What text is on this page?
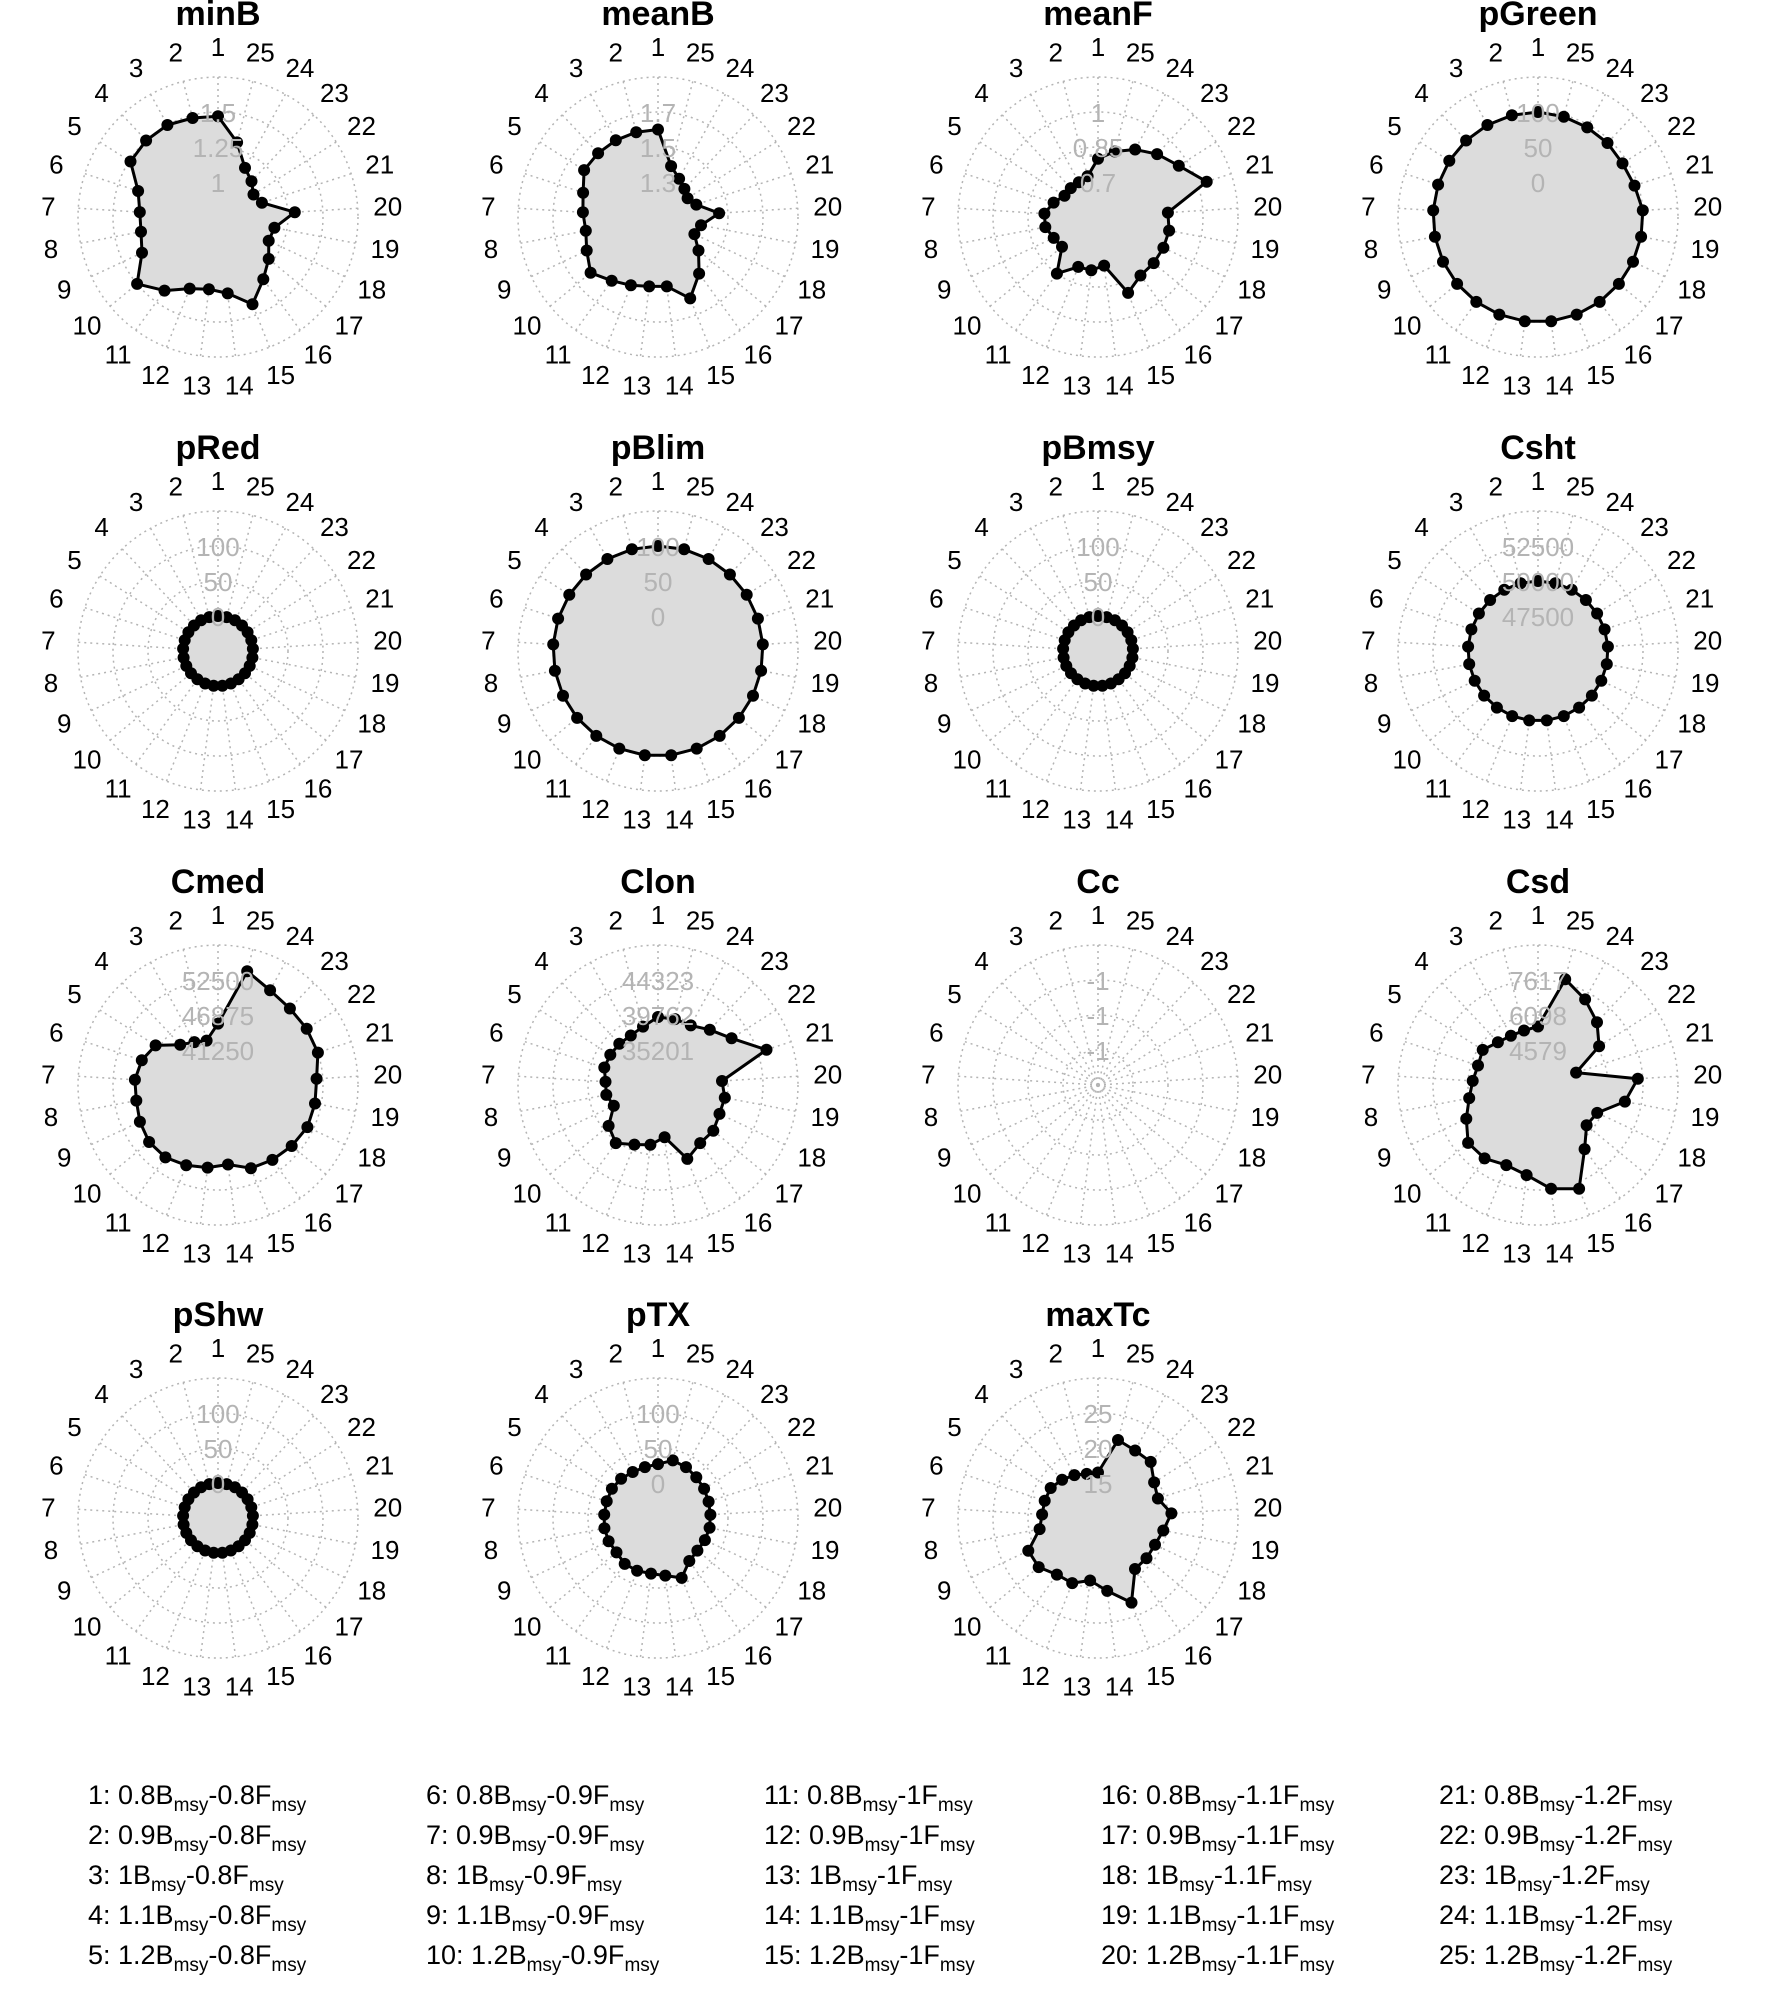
1.5
1.25
1
1
2
3
4
5
6
7
8
9
10
11
12 13 14 15
16
17
18
19
20
21
22
23
24
25
minB
1.7
1.5
1.3
1
2
3
4
5
6
7
8
9
10
11
12 13 14 15
16
17
18
19
20
21
22
23
24
25
meanB
1
0.85
0.7
1
2
3
4
5
6
7
8
9
10
11
12 13 14 15
16
17
18
19
20
21
22
23
24
25
meanF
100
50
0
1
2
3
4
5
6
7
8
9
10
11
12 13 14 15
16
17
18
19
20
21
22
23
24
25
pGreen
100
50
0
1
2
3
4
5
6
7
8
9
10
11
12 13 14 15
16
17
18
19
20
21
22
23
24
25
pRed
100
50
0
1
2
3
4
5
6
7
8
9
10
11
12 13 14 15
16
17
18
19
20
21
22
23
24
25
pBlim
100
50
0
1
2
3
4
5
6
7
8
9
10
11
12 13 14 15
16
17
18
19
20
21
22
23
24
25
pBmsy
52500
50000
47500
1
2
3
4
5
6
7
8
9
10
11
12 13 14 15
16
17
18
19
20
21
22
23
24
25
Csht
52500
46875
41250
1
2
3
4
5
6
7
8
9
10
11
12 13 14 15
16
17
18
19
20
21
22
23
24
25
Cmed
44323
39762
35201
1
2
3
4
5
6
7
8
9
10
11
12 13 14 15
16
17
18
19
20
21
22
23
24
25
Clon
-1
-1
-1
1
2
3
4
5
6
7
8
9
10
11
12 13 14 15
16
17
18
19
20
21
22
23
24
25
Cc
7617
6098
4579
1
2
3
4
5
6
7
8
9
10
11
12 13 14 15
16
17
18
19
20
21
22
23
24
25
Csd
100
50
0
1
2
3
4
5
6
7
8
9
10
11
12 13 14 15
16
17
18
19
20
21
22
23
24
25
pShw
100
50
0
1
2
3
4
5
6
7
8
9
10
11
12 13 14 15
16
17
18
19
20
21
22
23
24
25
pTX
25
20
15
1
2
3
4
5
6
7
8
9
10
11
12 13 14 15
16
17
18
19
20
21
22
23
24
25
maxTc
1: $0.8B_{msy}-0.8F_{msy}$
2: $0.9B_{msy}-0.8F_{msy}$
3: $1B_{msy}-0.8F_{msy}$
4: $1.1B_{msy}-0.8F_{msy}$
5: $1.2B_{msy}-0.8F_{msy}$
6: $0.8B_{msy}-0.9F_{msy}$
7: $0.9B_{msy}-0.9F_{msy}$
8: $1B_{msy}-0.9F_{msy}$
9: $1.1B_{msy}-0.9F_{msy}$
10: $1.2B_{msy}-0.9F_{msy}$
11: $0.8B_{msy}-1F_{msy}$
12: $0.9B_{msy}-1F_{msy}$
13: $1B_{msy}-1F_{msy}$
14: $1.1B_{msy}-1F_{msy}$
15: $1.2B_{msy}-1F_{msy}$
16: $0.8B_{msy}-1.1F_{msy}$
17: $0.9B_{msy}-1.1F_{msy}$
18: $1B_{msy}-1.1F_{msy}$
19: $1.1B_{msy}-1.1F_{msy}$
20: $1.2B_{msy}-1.1F_{msy}$
21: $0.8B_{msy}-1.2F_{msy}$
22: $0.9B_{msy}-1.2F_{msy}$
23: $1B_{msy}-1.2F_{msy}$
24: $1.1B_{msy}-1.2F_{msy}$
25: $1.2B_{msy}-1.2F_{msy}$
